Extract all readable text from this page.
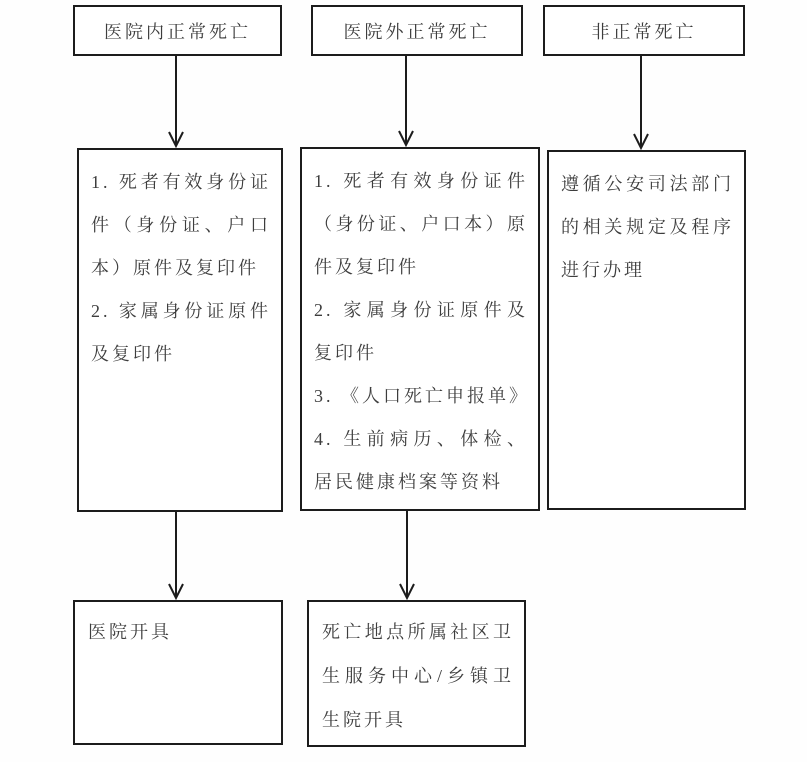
医院内正常死亡

1. 死者有效身份证件（身份证、户口本）原件及复印件

2. 家属身份证原件及复印件

医院开具

医院外正常死亡

1. 死者有效身份证件（身份证、户口本）原件及复印件

2. 家属身份证原件及复印件

3. 《人口死亡申报单》

4. 生前病历、体检、居民健康档案等资料

死亡地点所属社区卫生服务中心/乡镇卫生院开具

非正常死亡

遵循公安司法部门的相关规定及程序进行办理
